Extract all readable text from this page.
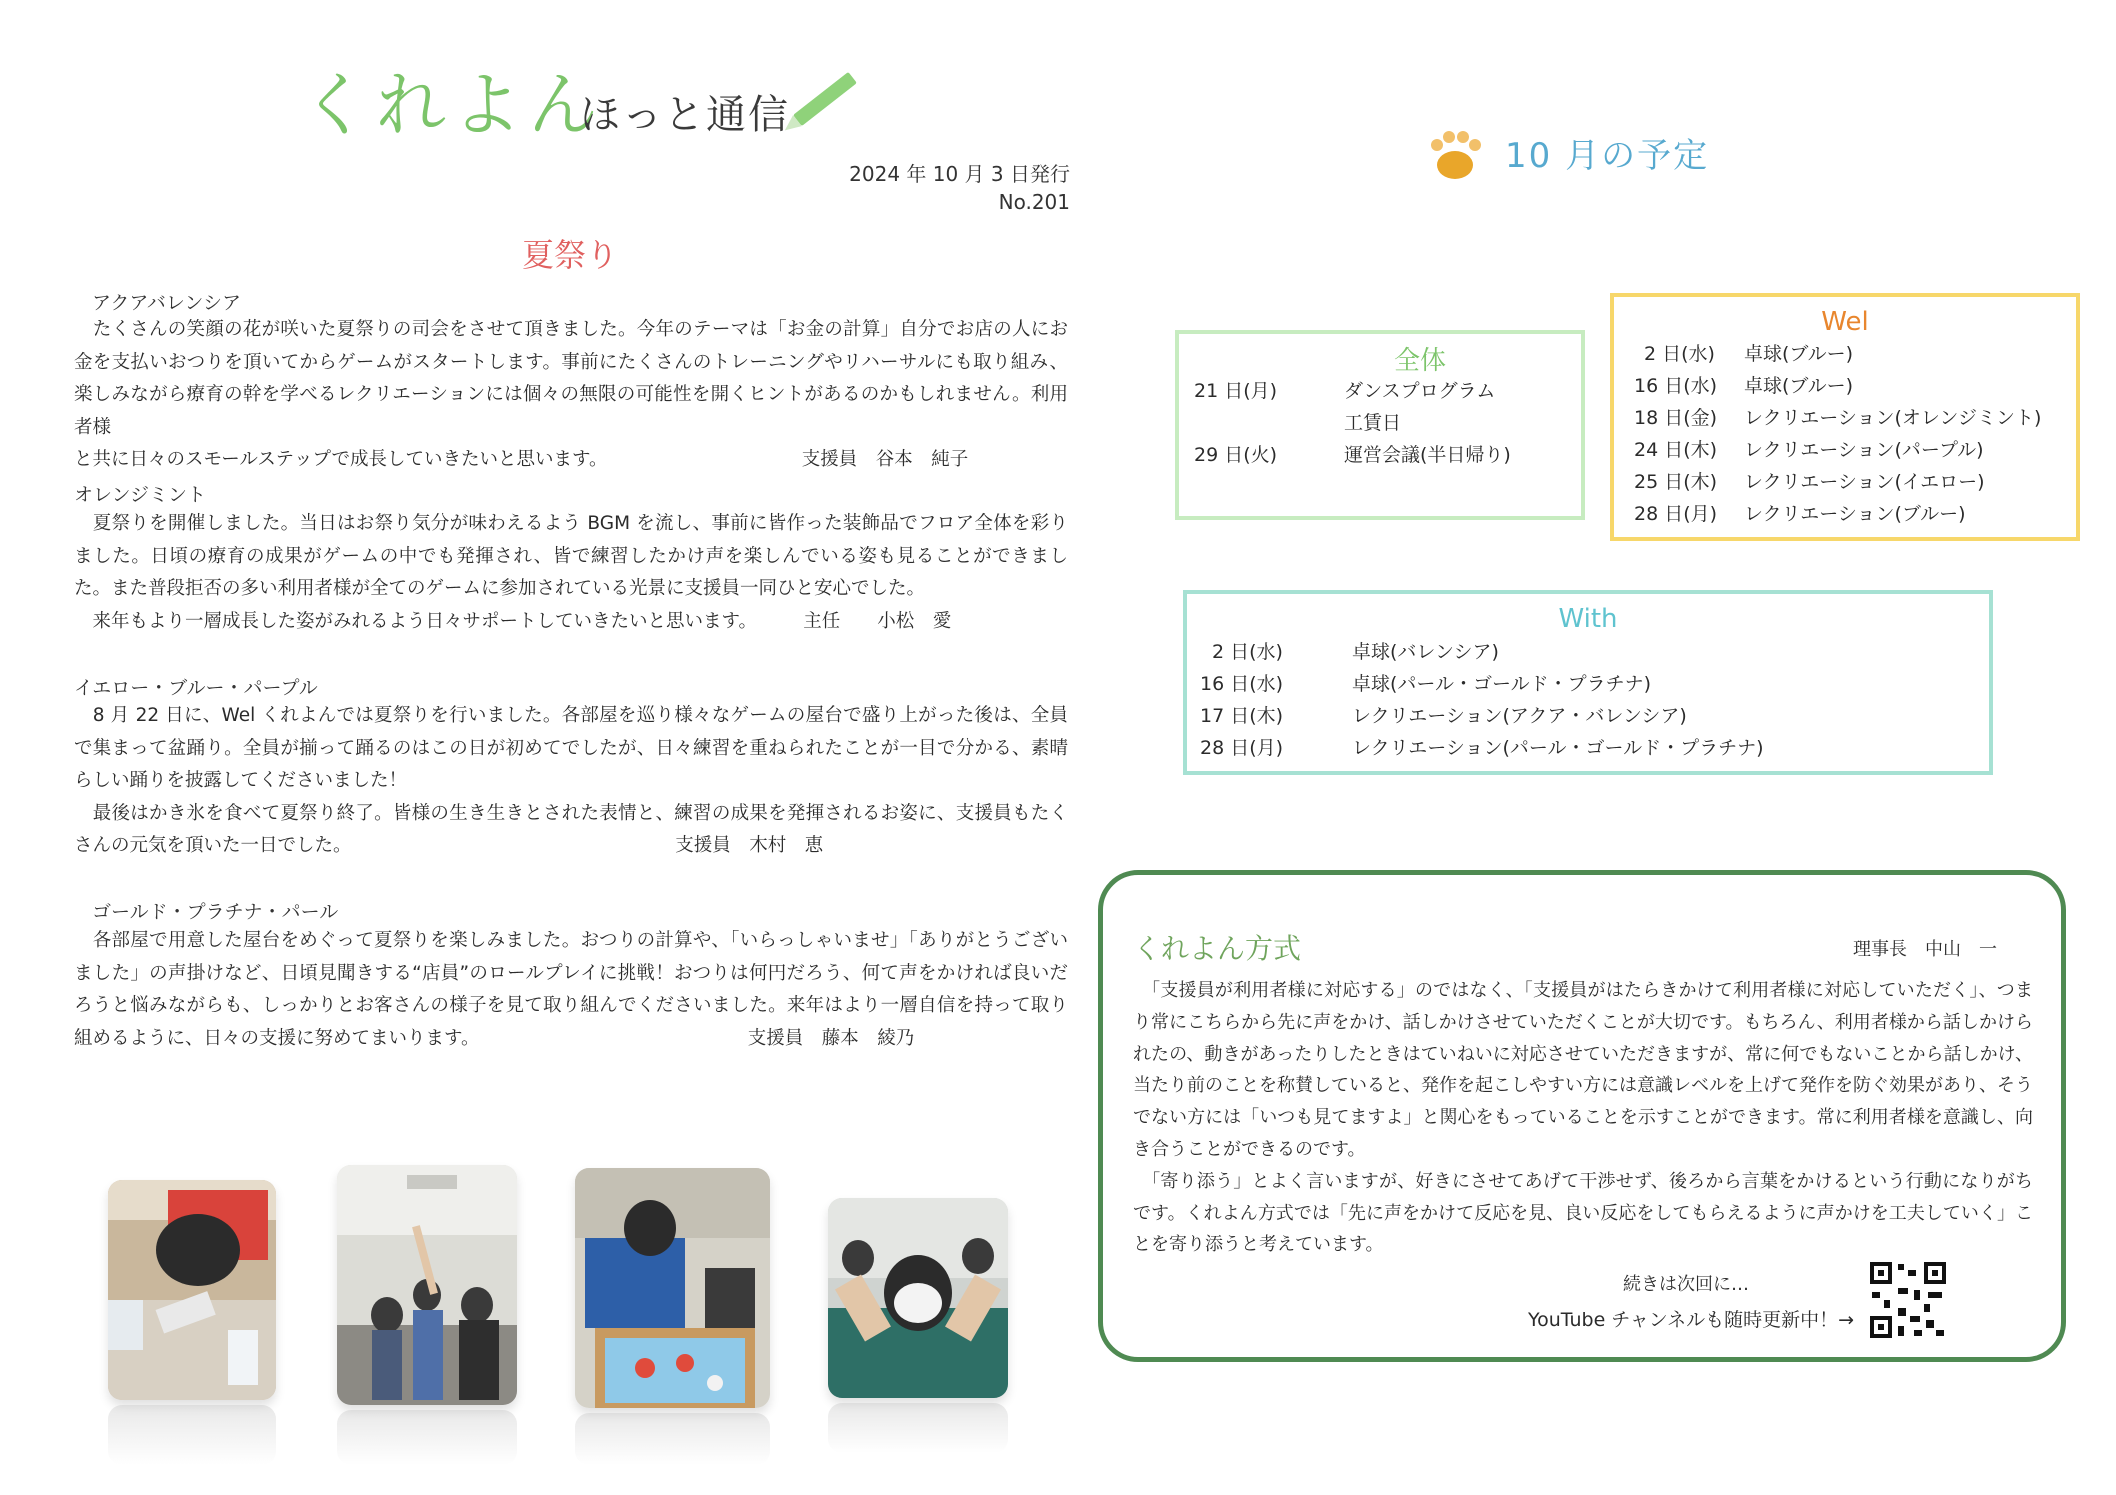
くれよん
ほっと通信
2024 年 10 月 3 日発行
No.201
夏祭り
アクアバレンシア
　たくさんの笑顔の花が咲いた夏祭りの司会をさせて頂きました。今年のテーマは「お金の計算」自分でお店の人にお金を支払いおつりを頂いてからゲームがスタートします。事前にたくさんのトレーニングやリハーサルにも取り組み、楽しみながら療育の幹を学べるレクリエーションには個々の無限の可能性を開くヒントがあるのかもしれません。利用者様
と共に日々のスモールステップで成長していきたいと思います。　　　　　　　　　　　支援員　谷本　純子
オレンジミント
　夏祭りを開催しました。当日はお祭り気分が味わえるよう BGM を流し、事前に皆作った装飾品でフロア全体を彩りました。日頃の療育の成果がゲームの中でも発揮され、皆で練習したかけ声を楽しんでいる姿も見ることができました。また普段拒否の多い利用者様が全てのゲームに参加されている光景に支援員一同ひと安心でした。
　来年もより一層成長した姿がみれるよう日々サポートしていきたいと思います。　　　主任　　小松　愛
イエロー・ブルー・パープル
　8 月 22 日に、Wel くれよんでは夏祭りを行いました。各部屋を巡り様々なゲームの屋台で盛り上がった後は、全員で集まって盆踊り。全員が揃って踊るのはこの日が初めてでしたが、日々練習を重ねられたことが一目で分かる、素晴らしい踊りを披露してくださいました！
　最後はかき氷を食べて夏祭り終了。皆様の生き生きとされた表情と、練習の成果を発揮されるお姿に、支援員もたくさんの元気を頂いた一日でした。　　　　　　　　　　　　　　　　　　支援員　木村　恵
ゴールド・プラチナ・パール
　各部屋で用意した屋台をめぐって夏祭りを楽しみました。おつりの計算や、「いらっしゃいませ」「ありがとうございました」の声掛けなど、日頃見聞きする“店員”のロールプレイに挑戦！おつりは何円だろう、何て声をかければ良いだろうと悩みながらも、しっかりとお客さんの様子を見て取り組んでくださいました。来年はより一層自信を持って取り組めるように、日々の支援に努めてまいります。　　　　　　　　　　　　　　　支援員　藤本　綾乃
10 月の予定
全体
21 日(月)	ダンスプログラム
工賃日
29 日(火)	運営会議(半日帰り)
Wel
2 日(水) 卓球(ブルー)
16 日(水) 卓球(ブルー)
18 日(金) レクリエーション(オレンジミント)
24 日(木) レクリエーション(パープル)
25 日(木) レクリエーション(イエロー)
28 日(月) レクリエーション(ブルー)
With
2 日(水)	卓球(バレンシア)
16 日(水)	卓球(パール・ゴールド・プラチナ)
17 日(木)	レクリエーション(アクア・バレンシア)
28 日(月)	レクリエーション(パール・ゴールド・プラチナ)
くれよん方式	理事長　中山　一
　「支援員が利用者様に対応する」のではなく、「支援員がはたらきかけて利用者様に対応していただく」、つまり常にこちらから先に声をかけ、話しかけさせていただくことが大切です。もちろん、利用者様から話しかけられたの、動きがあったりしたときはていねいに対応させていただきますが、常に何でもないことから話しかけ、当たり前のことを称賛していると、発作を起こしやすい方には意識レベルを上げて発作を防ぐ効果があり、そうでない方には「いつも見てますよ」と関心をもっていることを示すことができます。常に利用者様を意識し、向き合うことができるのです。
　「寄り添う」とよく言いますが、好きにさせてあげて干渉せず、後ろから言葉をかけるという行動になりがちです。くれよん方式では「先に声をかけて反応を見、良い反応をしてもらえるように声かけを工夫していく」ことを寄り添うと考えています。
続きは次回に…
YouTube チャンネルも随時更新中！→
